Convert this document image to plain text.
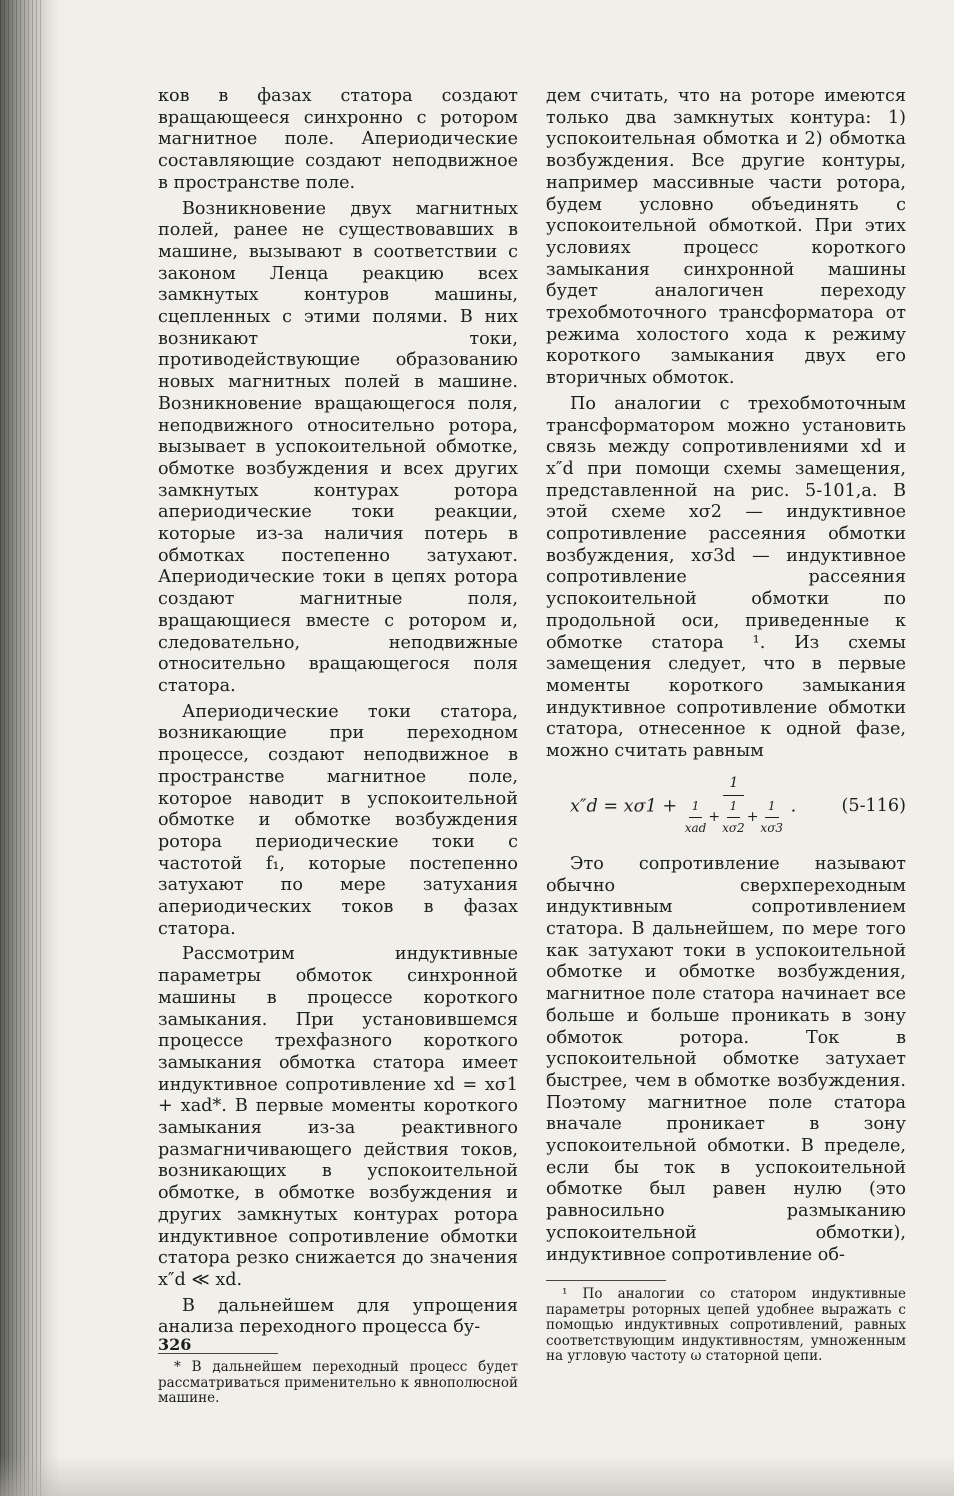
ков в фазах статора создают вращающееся синхронно с ротором магнитное поле. Апериодические составляющие создают неподвижное в пространстве поле.

Возникновение двух магнитных полей, ранее не существовавших в машине, вызывают в соответствии с законом Ленца реакцию всех замкнутых контуров машины, сцепленных с этими полями. В них возникают токи, противодействующие образованию новых магнитных полей в машине. Возникновение вращающегося поля, неподвижного относительно ротора, вызывает в успокоительной обмотке, обмотке возбуждения и всех других замкнутых контурах ротора апериодические токи реакции, которые из-за наличия потерь в обмотках постепенно затухают. Апериодические токи в цепях ротора создают магнитные поля, вращающиеся вместе с ротором и, следовательно, неподвижные относительно вращающегося поля статора.

Апериодические токи статора, возникающие при переходном процессе, создают неподвижное в пространстве магнитное поле, которое наводит в успокоительной обмотке и обмотке возбуждения ротора периодические токи с частотой f₁, которые постепенно затухают по мере затухания апериодических токов в фазах статора.

Рассмотрим индуктивные параметры обмоток синхронной машины в процессе короткого замыкания. При установившемся процессе трехфазного короткого замыкания обмотка статора имеет индуктивное сопротивление xd = xσ1 + xad*. В первые моменты короткого замыкания из-за реактивного размагничивающего действия токов, возникающих в успокоительной обмотке, в обмотке возбуждения и других замкнутых контурах ротора индуктивное сопротивление обмотки статора резко снижается до значения x″d ≪ xd.

В дальнейшем для упрощения анализа переходного процесса бу-

* В дальнейшем переходный процесс будет рассматриваться применительно к явнополюсной машине.

дем считать, что на роторе имеются только два замкнутых контура: 1) успокоительная обмотка и 2) обмотка возбуждения. Все другие контуры, например массивные части ротора, будем условно объединять с успокоительной обмоткой. При этих условиях процесс короткого замыкания синхронной машины будет аналогичен переходу трехобмоточного трансформатора от режима холостого хода к режиму короткого замыкания двух его вторичных обмоток.

По аналогии с трехобмоточным трансформатором можно установить связь между сопротивлениями xd и x″d при помощи схемы замещения, представленной на рис. 5-101,а. В этой схеме xσ2 — индуктивное сопротивление рассеяния обмотки возбуждения, xσ3d — индуктивное сопротивление рассеяния успокоительной обмотки по продольной оси, приведенные к обмотке статора ¹. Из схемы замещения следует, что в первые моменты короткого замыкания индуктивное сопротивление обмотки статора, отнесенное к одной фазе, можно считать равным

x″d = xσ1 +
1
$\frac{1}{\text{xad}} + \frac{1}{x\sigma 2} + \frac{1}{x\sigma 3}$ .	(5-116)

Это сопротивление называют обычно сверхпереходным индуктивным сопротивлением статора. В дальнейшем, по мере того как затухают токи в успокоительной обмотке и обмотке возбуждения, магнитное поле статора начинает все больше и больше проникать в зону обмоток ротора. Ток в успокоительной обмотке затухает быстрее, чем в обмотке возбуждения. Поэтому магнитное поле статора вначале проникает в зону успокоительной обмотки. В пределе, если бы ток в успокоительной обмотке был равен нулю (это равносильно размыканию успокоительной обмотки), индуктивное сопротивление об-

¹ По аналогии со статором индуктивные параметры роторных цепей удобнее выражать с помощью индуктивных сопротивлений, равных соответствующим индуктивностям, умноженным на угловую частоту ω статорной цепи.

326
